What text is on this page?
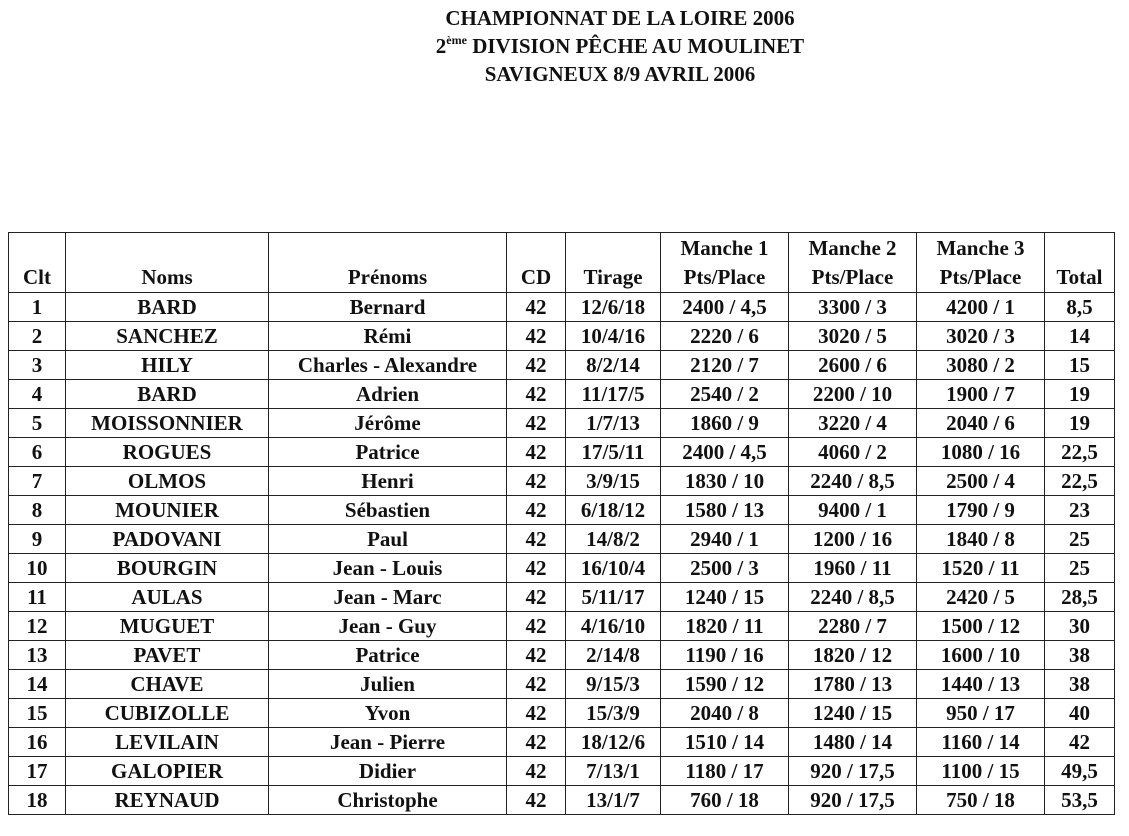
CHAMPIONNAT DE LA LOIRE 2006
2ème DIVISION PÊCHE AU MOULINET
SAVIGNEUX 8/9 AVRIL 2006
					Manche 1	Manche 2	Manche 3	
Clt	Noms	Prénoms	CD	Tirage	Pts/Place	Pts/Place	Pts/Place	Total
1	BARD	Bernard	42	12/6/18	2400 / 4,5	3300 / 3	4200 / 1	8,5
2	SANCHEZ	Rémi	42	10/4/16	2220 / 6	3020 / 5	3020 / 3	14
3	HILY	Charles - Alexandre	42	8/2/14	2120 / 7	2600 / 6	3080 / 2	15
4	BARD	Adrien	42	11/17/5	2540 / 2	2200 / 10	1900 / 7	19
5	MOISSONNIER	Jérôme	42	1/7/13	1860 / 9	3220 / 4	2040 / 6	19
6	ROGUES	Patrice	42	17/5/11	2400 / 4,5	4060 / 2	1080 / 16	22,5
7	OLMOS	Henri	42	3/9/15	1830 / 10	2240 / 8,5	2500 / 4	22,5
8	MOUNIER	Sébastien	42	6/18/12	1580 / 13	9400 / 1	1790 / 9	23
9	PADOVANI	Paul	42	14/8/2	2940 / 1	1200 / 16	1840 / 8	25
10	BOURGIN	Jean - Louis	42	16/10/4	2500 / 3	1960 / 11	1520 / 11	25
11	AULAS	Jean - Marc	42	5/11/17	1240 / 15	2240 / 8,5	2420 / 5	28,5
12	MUGUET	Jean - Guy	42	4/16/10	1820 / 11	2280 / 7	1500 / 12	30
13	PAVET	Patrice	42	2/14/8	1190 / 16	1820 / 12	1600 / 10	38
14	CHAVE	Julien	42	9/15/3	1590 / 12	1780 / 13	1440 / 13	38
15	CUBIZOLLE	Yvon	42	15/3/9	2040 / 8	1240 / 15	950 / 17	40
16	LEVILAIN	Jean - Pierre	42	18/12/6	1510 / 14	1480 / 14	1160 / 14	42
17	GALOPIER	Didier	42	7/13/1	1180 / 17	920 / 17,5	1100 / 15	49,5
18	REYNAUD	Christophe	42	13/1/7	760 / 18	920 / 17,5	750 / 18	53,5
